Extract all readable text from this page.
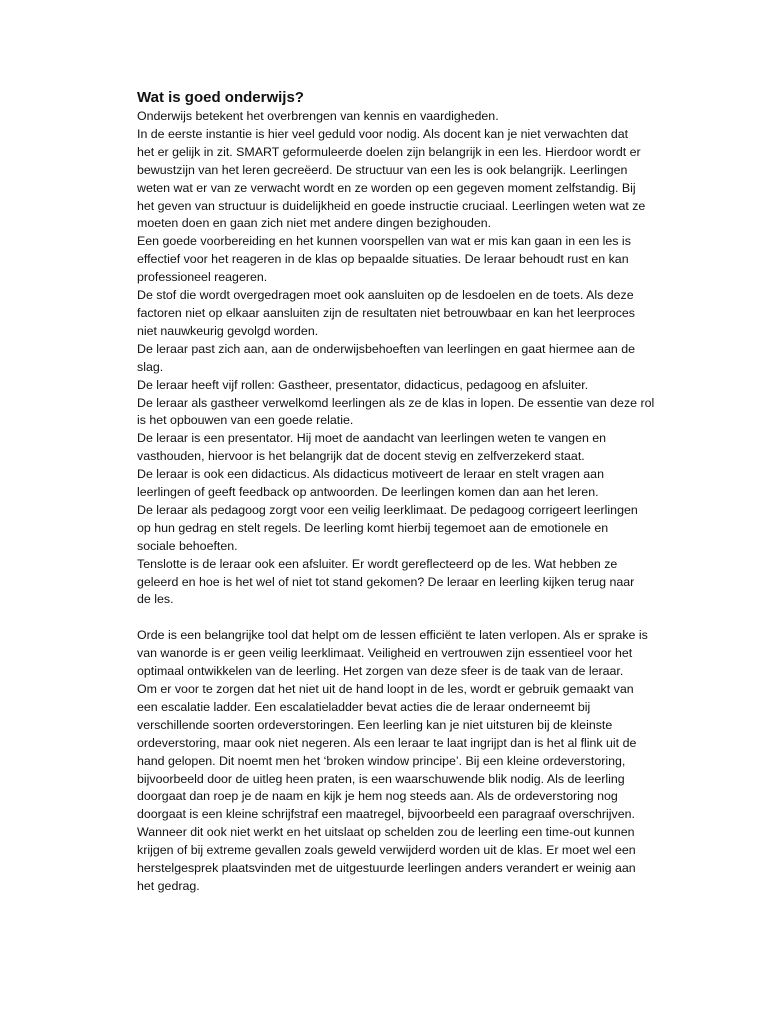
Wat is goed onderwijs?
Onderwijs betekent het overbrengen van kennis en vaardigheden.
In de eerste instantie is hier veel geduld voor nodig. Als docent kan je niet verwachten dat
het er gelijk in zit. SMART geformuleerde doelen zijn belangrijk in een les. Hierdoor wordt er
bewustzijn van het leren gecreëerd. De structuur van een les is ook belangrijk. Leerlingen
weten wat er van ze verwacht wordt en ze worden op een gegeven moment zelfstandig. Bij
het geven van structuur is duidelijkheid en goede instructie cruciaal. Leerlingen weten wat ze
moeten doen en gaan zich niet met andere dingen bezighouden.
Een goede voorbereiding en het kunnen voorspellen van wat er mis kan gaan in een les is
effectief voor het reageren in de klas op bepaalde situaties. De leraar behoudt rust en kan
professioneel reageren.
De stof die wordt overgedragen moet ook aansluiten op de lesdoelen en de toets. Als deze
factoren niet op elkaar aansluiten zijn de resultaten niet betrouwbaar en kan het leerproces
niet nauwkeurig gevolgd worden.
De leraar past zich aan, aan de onderwijsbehoeften van leerlingen en gaat hiermee aan de
slag.
De leraar heeft vijf rollen: Gastheer, presentator, didacticus, pedagoog en afsluiter.
De leraar als gastheer verwelkomd leerlingen als ze de klas in lopen. De essentie van deze rol
is het opbouwen van een goede relatie.
De leraar is een presentator. Hij moet de aandacht van leerlingen weten te vangen en
vasthouden, hiervoor is het belangrijk dat de docent stevig en zelfverzekerd staat.
De leraar is ook een didacticus. Als didacticus motiveert de leraar en stelt vragen aan
leerlingen of geeft feedback op antwoorden. De leerlingen komen dan aan het leren.
De leraar als pedagoog zorgt voor een veilig leerklimaat. De pedagoog corrigeert leerlingen
op hun gedrag en stelt regels. De leerling komt hierbij tegemoet aan de emotionele en
sociale behoeften.
Tenslotte is de leraar ook een afsluiter. Er wordt gereflecteerd op de les. Wat hebben ze
geleerd en hoe is het wel of niet tot stand gekomen? De leraar en leerling kijken terug naar
de les.
Orde is een belangrijke tool dat helpt om de lessen efficiënt te laten verlopen. Als er sprake is
van wanorde is er geen veilig leerklimaat. Veiligheid en vertrouwen zijn essentieel voor het
optimaal ontwikkelen van de leerling. Het zorgen van deze sfeer is de taak van de leraar.
Om er voor te zorgen dat het niet uit de hand loopt in de les, wordt er gebruik gemaakt van
een escalatie ladder. Een escalatieladder bevat acties die de leraar onderneemt bij
verschillende soorten ordeverstoringen. Een leerling kan je niet uitsturen bij de kleinste
ordeverstoring, maar ook niet negeren. Als een leraar te laat ingrijpt dan is het al flink uit de
hand gelopen. Dit noemt men het ‘broken window principe’. Bij een kleine ordeverstoring,
bijvoorbeeld door de uitleg heen praten, is een waarschuwende blik nodig. Als de leerling
doorgaat dan roep je de naam en kijk je hem nog steeds aan. Als de ordeverstoring nog
doorgaat is een kleine schrijfstraf een maatregel, bijvoorbeeld een paragraaf overschrijven.
Wanneer dit ook niet werkt en het uitslaat op schelden zou de leerling een time-out kunnen
krijgen of bij extreme gevallen zoals geweld verwijderd worden uit de klas. Er moet wel een
herstelgesprek plaatsvinden met de uitgestuurde leerlingen anders verandert er weinig aan
het gedrag.
